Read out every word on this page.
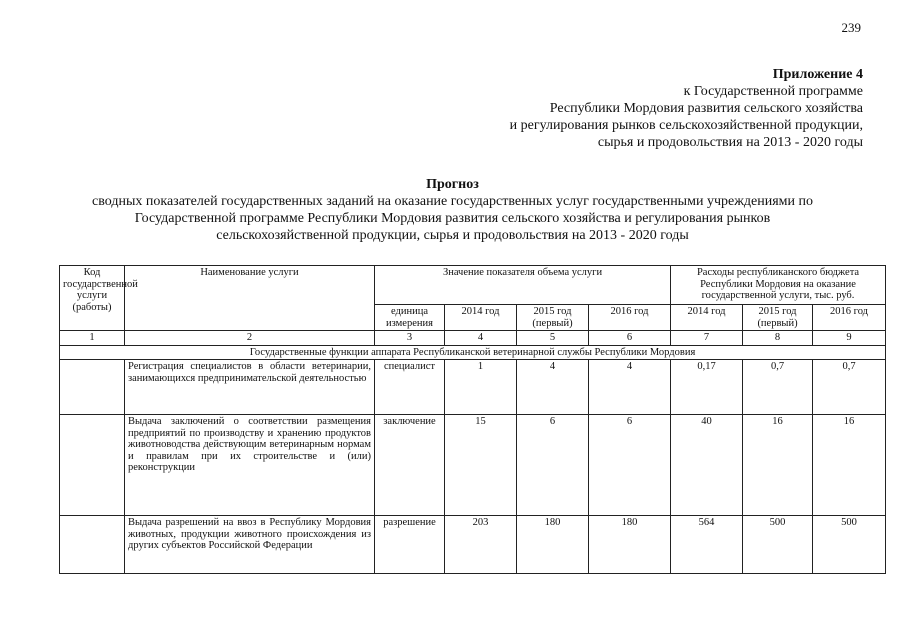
239
Приложение 4
к Государственной программе
Республики Мордовия развития сельского хозяйства
и регулирования рынков сельскохозяйственной продукции,
сырья и продовольствия на 2013 - 2020 годы
Прогноз
сводных показателей государственных заданий на оказание государственных услуг государственными учреждениями по
Государственной программе Республики Мордовия развития сельского хозяйства и регулирования рынков
сельскохозяйственной продукции, сырья и продовольствия на 2013 - 2020 годы
Код государственной услуги (работы)	Наименование услуги	Значение показателя объема услуги				Расходы республиканского бюджета Республики Мордовия на оказание государственной услуги, тыс. руб.		
		единица измерения	2014 год	2015 год (первый)	2016 год	2014 год	2015 год (первый)	2016 год
1	2	3	4	5	6	7	8	9
Государственные функции аппарата Республиканской ветеринарной службы Республики Мордовия								
	Регистрация специалистов в области ветеринарии, занимающихся предпринимательской деятельностью	специалист	1	4	4	0,17	0,7	0,7
	Выдача заключений о соответствии размещения предприятий по производству и хранению продуктов животноводства действующим ветеринарным нормам и правилам при их строительстве и (или) реконструкции	заключение	15	6	6	40	16	16
	Выдача разрешений на ввоз в Республику Мордовия животных, продукции животного происхождения из других субъектов Российской Федерации	разрешение	203	180	180	564	500	500
